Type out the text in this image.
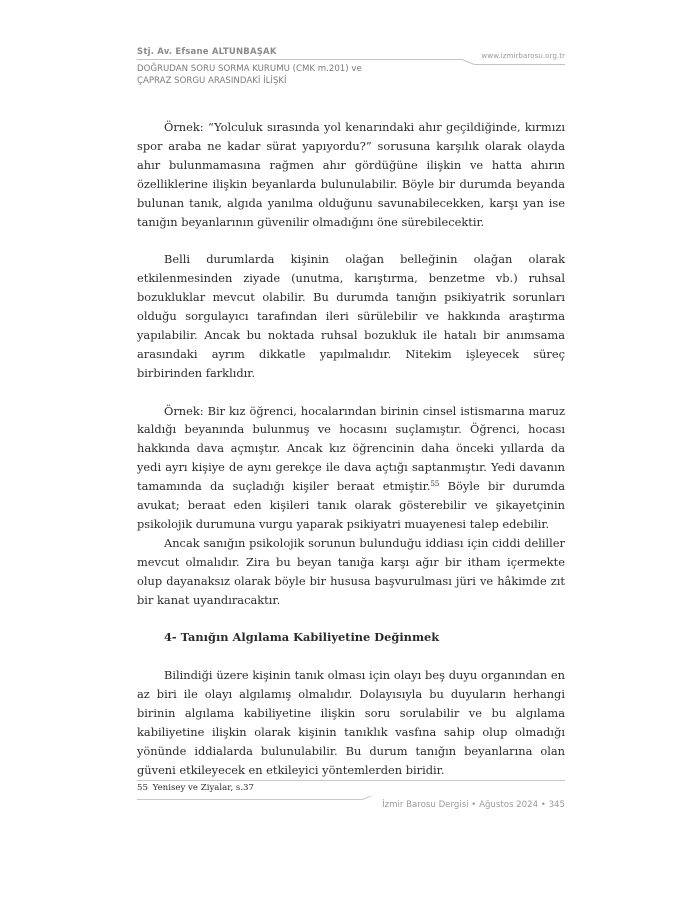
Stj. Av. Efsane ALTUNBAŞAK	www.izmirbarosu.org.tr
DOĞRUDAN SORU SORMA KURUMU (CMK m.201) ve
ÇAPRAZ SORGU ARASINDAKİ İLİŞKİ

Örnek: “Yolculuk sırasında yol kenarındaki ahır geçildiğinde, kırmızı spor araba ne kadar sürat yapıyordu?” sorusuna karşılık olarak olayda ahır bulunmamasına rağmen ahır gördüğüne ilişkin ve hatta ahırın özelliklerine ilişkin beyanlarda bulunulabilir. Böyle bir durumda beyanda bulunan tanık, algıda yanılma olduğunu savunabilecekken, karşı yan ise tanığın beyanlarının güvenilir olmadığını öne sürebilecektir.

Belli durumlarda kişinin olağan belleğinin olağan olarak etkilenmesinden ziyade (unutma, karıştırma, benzetme vb.) ruhsal bozukluklar mevcut olabilir. Bu durumda tanığın psikiyatrik sorunları olduğu sorgulayıcı tarafından ileri sürülebilir ve hakkında araştırma yapılabilir. Ancak bu noktada ruhsal bozukluk ile hatalı bir anımsama arasındaki ayrım dikkatle yapılmalıdır. Nitekim işleyecek süreç birbirinden farklıdır.

Örnek: Bir kız öğrenci, hocalarından birinin cinsel istismarına maruz kaldığı beyanında bulunmuş ve hocasını suçlamıştır. Öğrenci, hocası hakkında dava açmıştır. Ancak kız öğrencinin daha önceki yıllarda da yedi ayrı kişiye de aynı gerekçe ile dava açtığı saptanmıştır. Yedi davanın tamamında da suçladığı kişiler beraat etmiştir.$^{55}$ Böyle bir durumda avukat; beraat eden kişileri tanık olarak gösterebilir ve şikayetçinin psikolojik durumuna vurgu yaparak psikiyatri muayenesi talep edebilir.

Ancak sanığın psikolojik sorunun bulunduğu iddiası için ciddi deliller mevcut olmalıdır. Zira bu beyan tanığa karşı ağır bir itham içermekte olup dayanaksız olarak böyle bir hususa başvurulması jüri ve hâkimde zıt bir kanat uyandıracaktır.

4- Tanığın Algılama Kabiliyetine Değinmek

Bilindiği üzere kişinin tanık olması için olayı beş duyu organından en az biri ile olayı algılamış olmalıdır. Dolayısıyla bu duyuların herhangi birinin algılama kabiliyetine ilişkin soru sorulabilir ve bu algılama kabiliyetine ilişkin olarak kişinin tanıklık vasfına sahip olup olmadığı yönünde iddialarda bulunulabilir. Bu durum tanığın beyanlarına olan güveni etkileyecek en etkileyici yöntemlerden biridir.

55 Yenisey ve Ziyalar, s.37
İzmir Barosu Dergisi • Ağustos 2024 • 345
